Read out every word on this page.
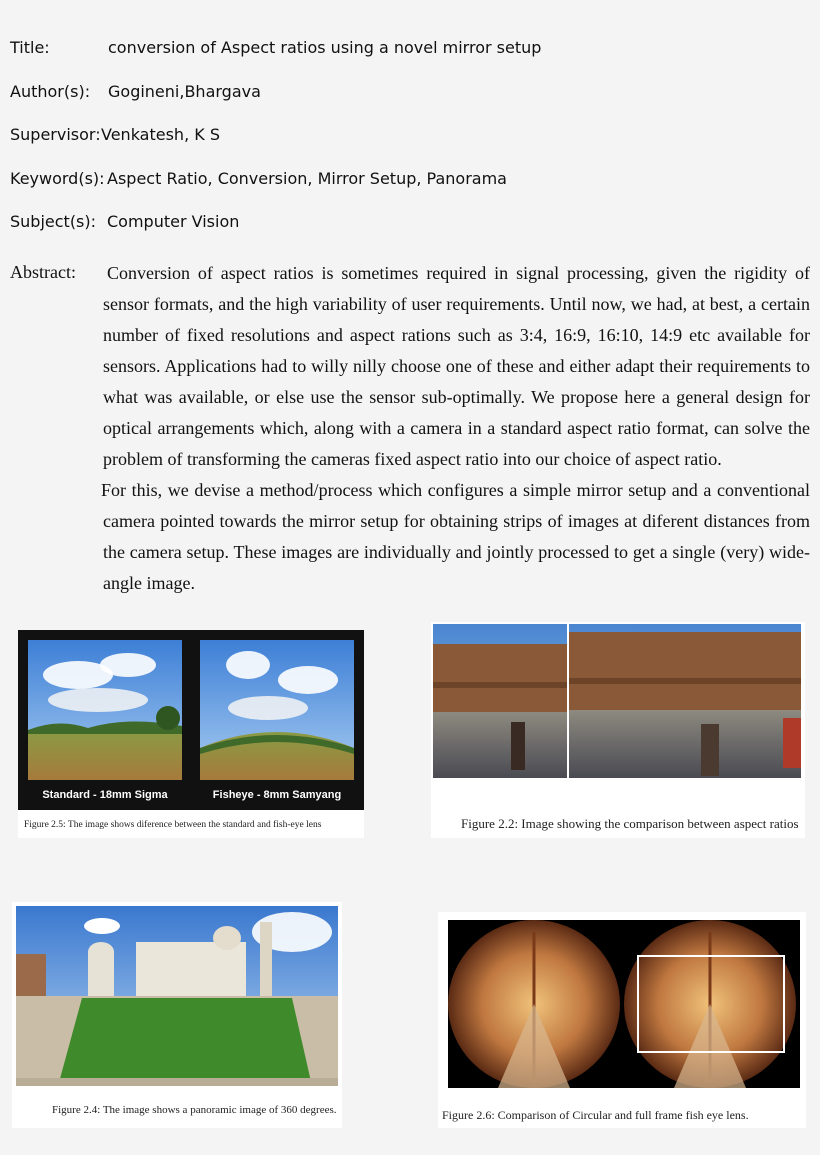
Title:	conversion of Aspect ratios using a novel mirror setup
Author(s): Gogineni,Bhargava
Supervisor: Venkatesh, K S
Keyword(s): Aspect Ratio, Conversion, Mirror Setup, Panorama
Subject(s): Computer Vision
Abstract: Conversion of aspect ratios is sometimes required in signal processing, given the rigidity of sensor formats, and the high variability of user requirements. Until now, we had, at best, a certain number of fixed resolutions and aspect rations such as 3:4, 16:9, 16:10, 14:9 etc available for sensors. Applications had to willy nilly choose one of these and either adapt their requirements to what was available, or else use the sensor sub-optimally. We propose here a general design for optical arrangements which, along with a camera in a standard aspect ratio format, can solve the problem of transforming the cameras fixed aspect ratio into our choice of aspect ratio.

For this, we devise a method/process which configures a simple mirror setup and a conventional camera pointed towards the mirror setup for obtaining strips of images at diferent distances from the camera setup. These images are individually and jointly processed to get a single (very) wide-angle image.

Standard - 18mm Sigma	Fisheye - 8mm Samyang
Figure 2.5: The image shows diference between the standard and fish-eye lens	Figure 2.2: Image showing the comparison between aspect ratios
Figure 2.4: The image shows a panoramic image of 360 degrees.	Figure 2.6: Comparison of Circular and full frame fish eye lens.
